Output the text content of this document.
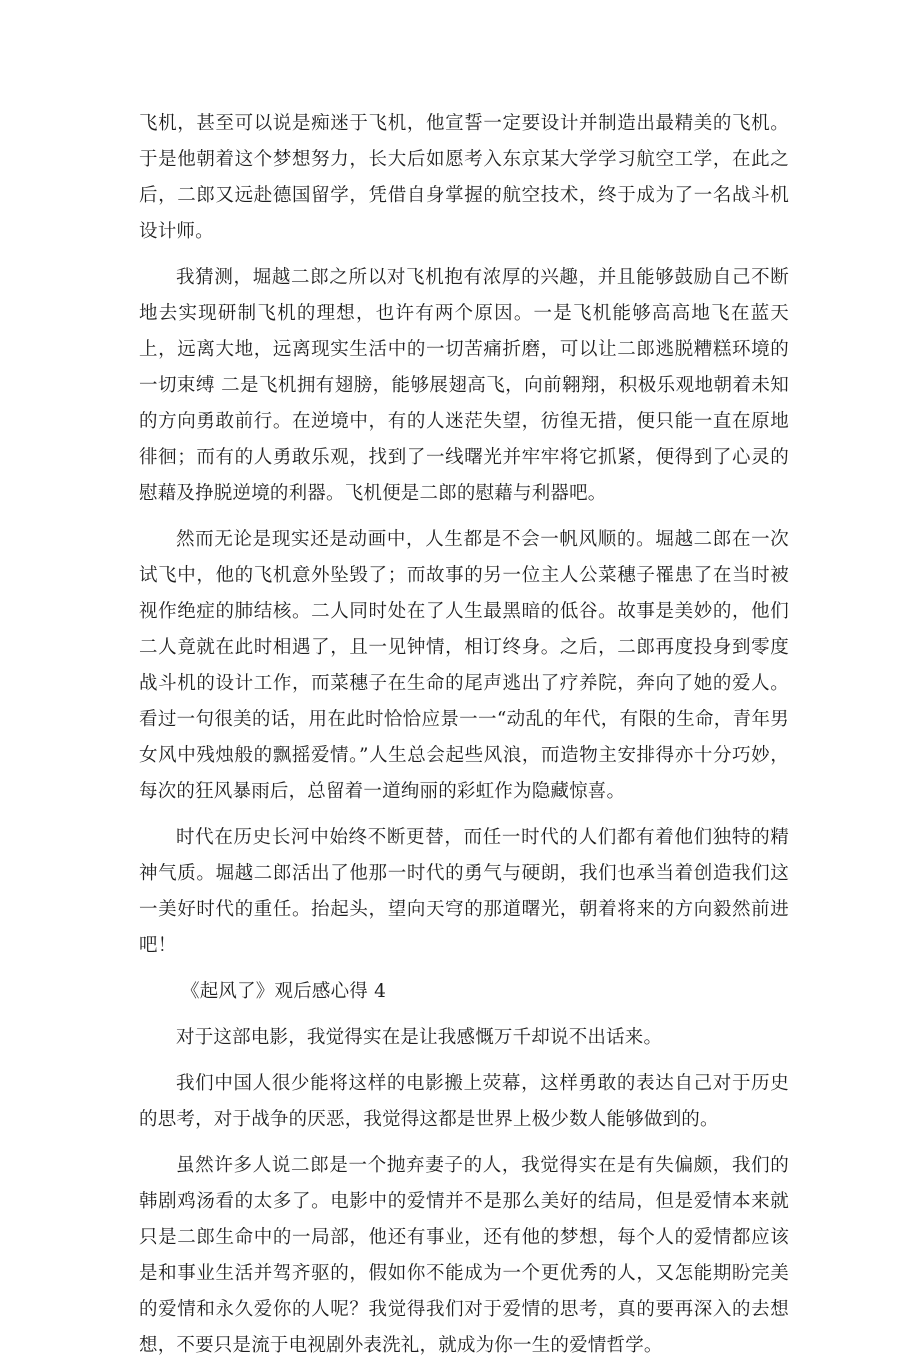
飞机，甚至可以说是痴迷于飞机，他宣誓一定要设计并制造出最精美的飞机。于是他朝着这个梦想努力，长大后如愿考入东京某大学学习航空工学，在此之后，二郎又远赴德国留学，凭借自身掌握的航空技术，终于成为了一名战斗机设计师。

我猜测，堀越二郎之所以对飞机抱有浓厚的兴趣，并且能够鼓励自己不断地去实现研制飞机的理想，也许有两个原因。一是飞机能够高高地飞在蓝天上，远离大地，远离现实生活中的一切苦痛折磨，可以让二郎逃脱糟糕环境的一切束缚 二是飞机拥有翅膀，能够展翅高飞，向前翱翔，积极乐观地朝着未知的方向勇敢前行。在逆境中，有的人迷茫失望，彷徨无措，便只能一直在原地徘徊；而有的人勇敢乐观，找到了一线曙光并牢牢将它抓紧，便得到了心灵的慰藉及挣脱逆境的利器。飞机便是二郎的慰藉与利器吧。

然而无论是现实还是动画中，人生都是不会一帆风顺的。堀越二郎在一次试飞中，他的飞机意外坠毁了；而故事的另一位主人公菜穗子罹患了在当时被视作绝症的肺结核。二人同时处在了人生最黑暗的低谷。故事是美妙的，他们二人竟就在此时相遇了，且一见钟情，相订终身。之后，二郎再度投身到零度战斗机的设计工作，而菜穗子在生命的尾声逃出了疗养院，奔向了她的爱人。看过一句很美的话，用在此时恰恰应景一一“动乱的年代，有限的生命，青年男女风中残烛般的飘摇爱情。”人生总会起些风浪，而造物主安排得亦十分巧妙，每次的狂风暴雨后，总留着一道绚丽的彩虹作为隐藏惊喜。

时代在历史长河中始终不断更替，而任一时代的人们都有着他们独特的精神气质。堀越二郎活出了他那一时代的勇气与硬朗，我们也承当着创造我们这一美好时代的重任。抬起头，望向天穹的那道曙光，朝着将来的方向毅然前进吧！

《起风了》观后感心得 4

对于这部电影，我觉得实在是让我感慨万千却说不出话来。

我们中国人很少能将这样的电影搬上荧幕，这样勇敢的表达自己对于历史的思考，对于战争的厌恶，我觉得这都是世界上极少数人能够做到的。

虽然许多人说二郎是一个抛弃妻子的人，我觉得实在是有失偏颇，我们的韩剧鸡汤看的太多了。电影中的爱情并不是那么美好的结局，但是爱情本来就只是二郎生命中的一局部，他还有事业，还有他的梦想，每个人的爱情都应该是和事业生活并驾齐驱的，假如你不能成为一个更优秀的人，又怎能期盼完美的爱情和永久爱你的人呢？我觉得我们对于爱情的思考，真的要再深入的去想想，不要只是流于电视剧外表洗礼，就成为你一生的爱情哲学。
